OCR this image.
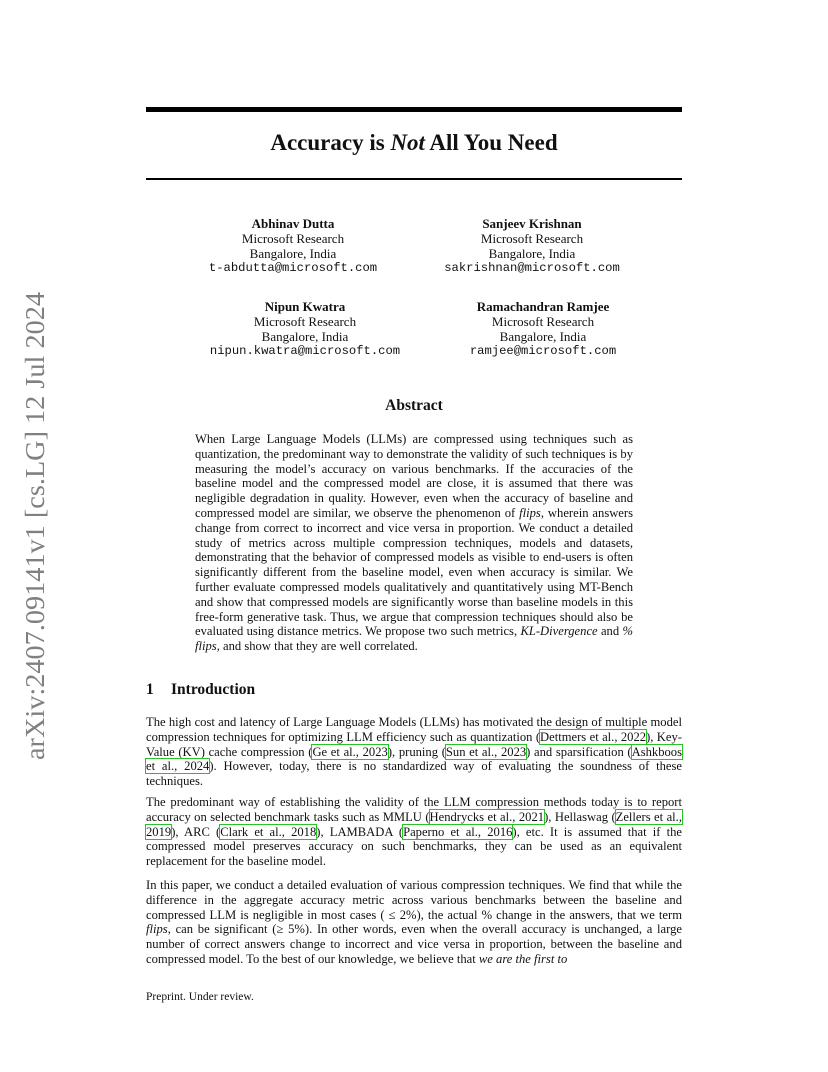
arXiv:2407.09141v1 [cs.LG] 12 Jul 2024
Accuracy is Not All You Need
Abhinav Dutta
Microsoft Research
Bangalore, India
t-abdutta@microsoft.com
Sanjeev Krishnan
Microsoft Research
Bangalore, India
sakrishnan@microsoft.com
Nipun Kwatra
Microsoft Research
Bangalore, India
nipun.kwatra@microsoft.com
Ramachandran Ramjee
Microsoft Research
Bangalore, India
ramjee@microsoft.com
Abstract
When Large Language Models (LLMs) are compressed using techniques such as quantization, the predominant way to demonstrate the validity of such techniques is by measuring the model’s accuracy on various benchmarks. If the accuracies of the baseline model and the compressed model are close, it is assumed that there was negligible degradation in quality. However, even when the accuracy of baseline and compressed model are similar, we observe the phenomenon of flips, wherein answers change from correct to incorrect and vice versa in proportion. We conduct a detailed study of metrics across multiple compression techniques, models and datasets, demonstrating that the behavior of compressed models as visible to end-users is often significantly different from the baseline model, even when accuracy is similar. We further evaluate compressed models qualitatively and quantitatively using MT-Bench and show that compressed models are significantly worse than baseline models in this free-form generative task. Thus, we argue that compression techniques should also be evaluated using distance metrics. We propose two such metrics, KL-Divergence and % flips, and show that they are well correlated.
1 Introduction

The high cost and latency of Large Language Models (LLMs) has motivated the design of multiple model compression techniques for optimizing LLM efficiency such as quantization (Dettmers et al., 2022), Key-Value (KV) cache compression (Ge et al., 2023), pruning (Sun et al., 2023) and sparsification (Ashkboos et al., 2024). However, today, there is no standardized way of evaluating the soundness of these techniques.

The predominant way of establishing the validity of the LLM compression methods today is to report accuracy on selected benchmark tasks such as MMLU (Hendrycks et al., 2021), Hellaswag (Zellers et al., 2019), ARC (Clark et al., 2018), LAMBADA (Paperno et al., 2016), etc. It is assumed that if the compressed model preserves accuracy on such benchmarks, they can be used as an equivalent replacement for the baseline model.

In this paper, we conduct a detailed evaluation of various compression techniques. We find that while the difference in the aggregate accuracy metric across various benchmarks between the baseline and compressed LLM is negligible in most cases ( ≤ 2%), the actual % change in the answers, that we term flips, can be significant (≥ 5%). In other words, even when the overall accuracy is unchanged, a large number of correct answers change to incorrect and vice versa in proportion, between the baseline and compressed model. To the best of our knowledge, we believe that we are the first to

Preprint. Under review.
